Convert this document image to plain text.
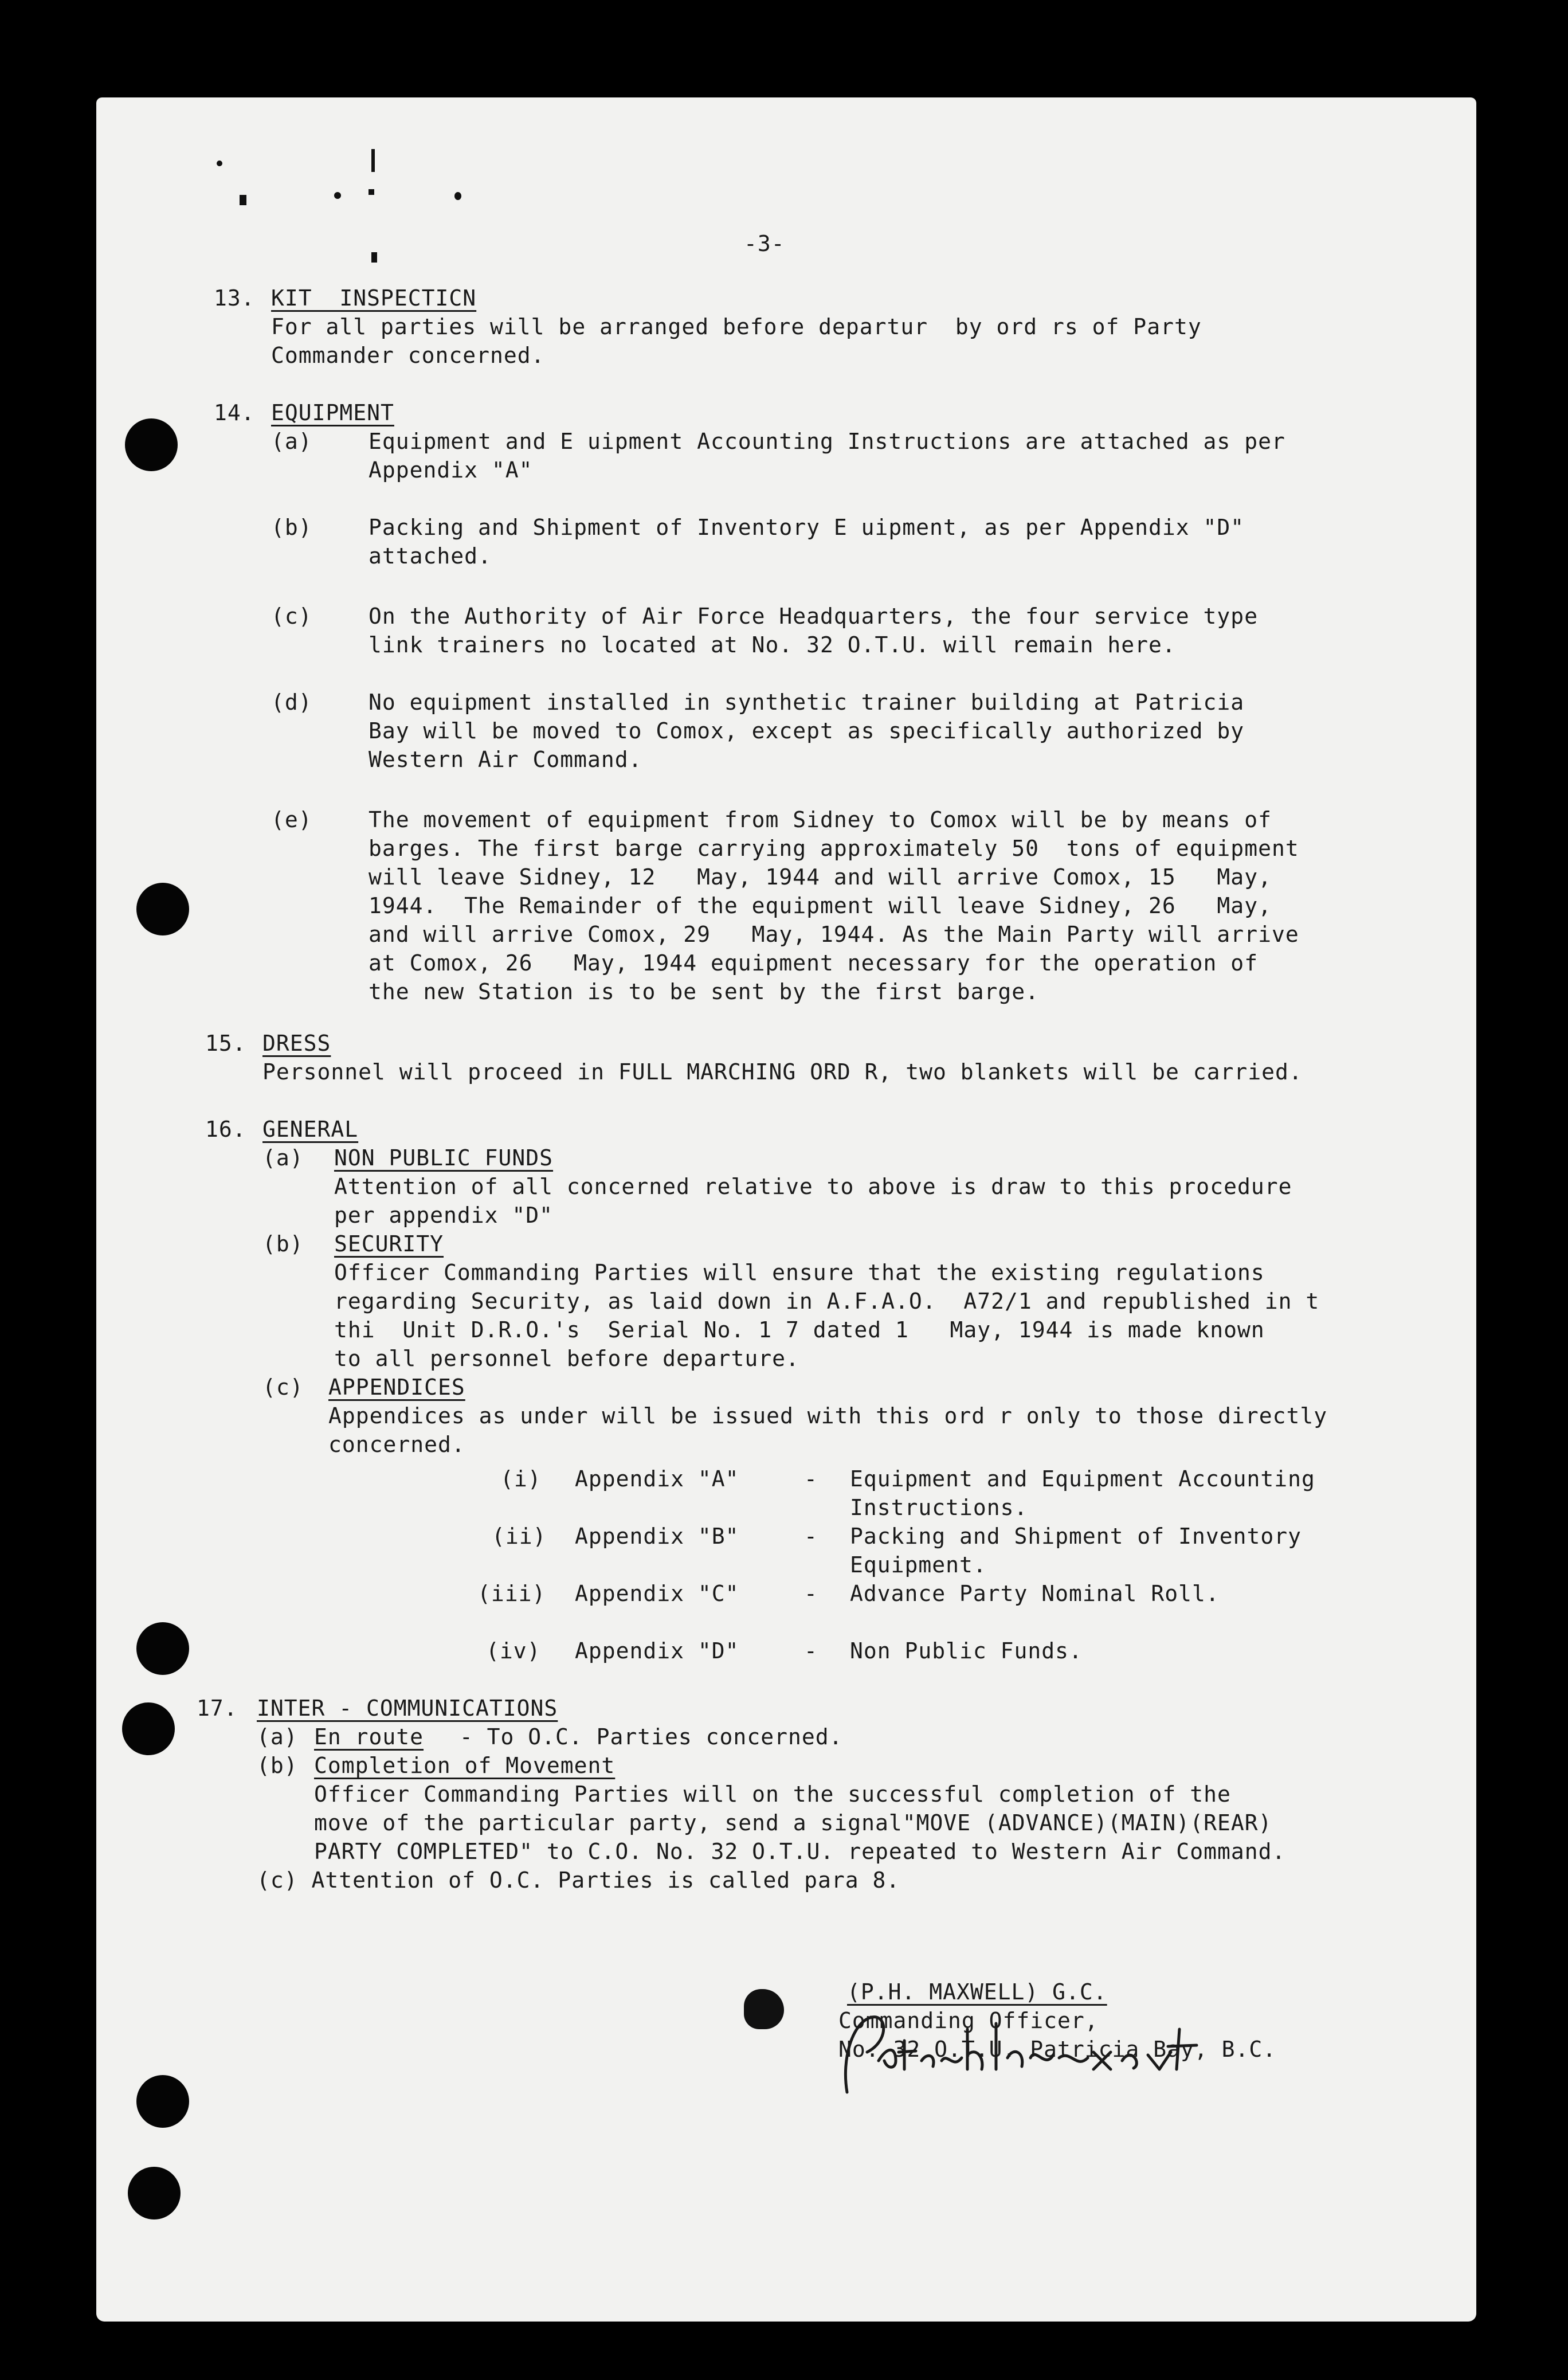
-3-
13. KIT  INSPECTICN
For all parties will be arranged before departur  by ord rs of Party
Commander concerned.
14. EQUIPMENT
(a)	Equipment and E uipment Accounting Instructions are attached as per
Appendix "A"
(b)	Packing and Shipment of Inventory E uipment, as per Appendix "D"
attached.
(c)	On the Authority of Air Force Headquarters, the four service type
link trainers no located at No. 32 O.T.U. will remain here.
(d)	No equipment installed in synthetic trainer building at Patricia
Bay will be moved to Comox, except as specifically authorized by
Western Air Command.
(e)	The movement of equipment from Sidney to Comox will be by means of
barges. The first barge carrying approximately 50  tons of equipment
will leave Sidney, 12   May, 1944 and will arrive Comox, 15   May,
1944.  The Remainder of the equipment will leave Sidney, 26   May,
and will arrive Comox, 29   May, 1944. As the Main Party will arrive
at Comox, 26   May, 1944 equipment necessary for the operation of
the new Station is to be sent by the first barge.
15. DRESS
Personnel will proceed in FULL MARCHING ORD R, two blankets will be carried.
16. GENERAL
(a) NON PUBLIC FUNDS
Attention of all concerned relative to above is draw to this procedure
per appendix "D"
(b) SECURITY
Officer Commanding Parties will ensure that the existing regulations
regarding Security, as laid down in A.F.A.O.  A72/1 and republished in t
thi  Unit D.R.O.'s  Serial No. 1 7 dated 1   May, 1944 is made known
to all personnel before departure.
(c) APPENDICES
Appendices as under will be issued with this ord r only to those directly
concerned.
(i) Appendix "A"	- Equipment and Equipment Accounting
Instructions.
(ii) Appendix "B"	- Packing and Shipment of Inventory
Equipment.
(iii) Appendix "C"	- Advance Party Nominal Roll.
(iv) Appendix "D"	- Non Public Funds.
17. INTER - COMMUNICATIONS
(a) En route - To O.C. Parties concerned.
(b) Completion of Movement
Officer Commanding Parties will on the successful completion of the
move of the particular party, send a signal"MOVE (ADVANCE)(MAIN)(REAR)
PARTY COMPLETED" to C.O. No. 32 O.T.U. repeated to Western Air Command.
(c) Attention of O.C. Parties is called para 8.
(P.H. MAXWELL) G.C.
Commanding Officer,
No. 32 O.T.U. Patricia Bay, B.C.
